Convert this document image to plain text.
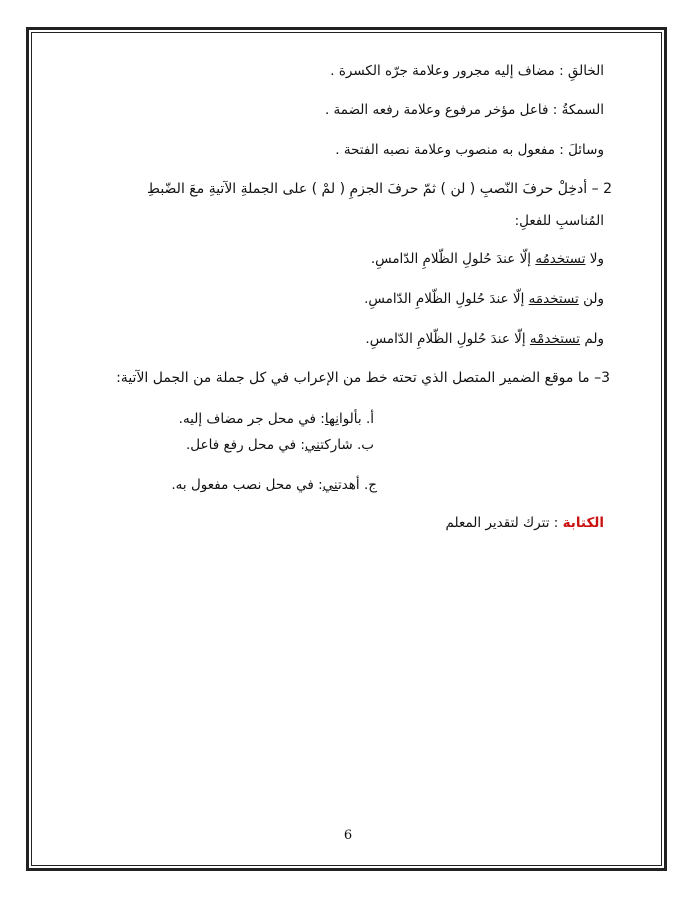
الخالقِ : مضاف إليه مجرور وعلامة جرّه الكسرة .
السمكةُ : فاعل مؤخر مرفوع وعلامة رفعه الضمة .
وسائلَ : مفعول به منصوب وعلامة نصبه الفتحة .
2 – أدخِلْ حرفَ النّصبِ ( لن ) ثمّ حرفَ الجزمِ ( لمْ ) على الجملةِ الآتيةِ معَ الضّبطِ
المُناسبِ للفعلِ:
ولا تستخدمُه إلّا عندَ حُلولِ الظّلامِ الدّامسِ.
ولن تستخدمَه إلّا عندَ حُلولِ الظّلامِ الدّامسِ.
ولم تستخدمْه إلّا عندَ حُلولِ الظّلامِ الدّامسِ.
3– ما موقع الضمير المتصل الذي تحته خط من الإعراب في كل جملة من الجمل الآتية:
أ. بألوانِها: في محل جر مضاف إليه.
ب. شاركتني: في محل رفع فاعل.
ج. أهدتني: في محل نصب مفعول به.
الكتابة : تترك لتقدير المعلم
6
